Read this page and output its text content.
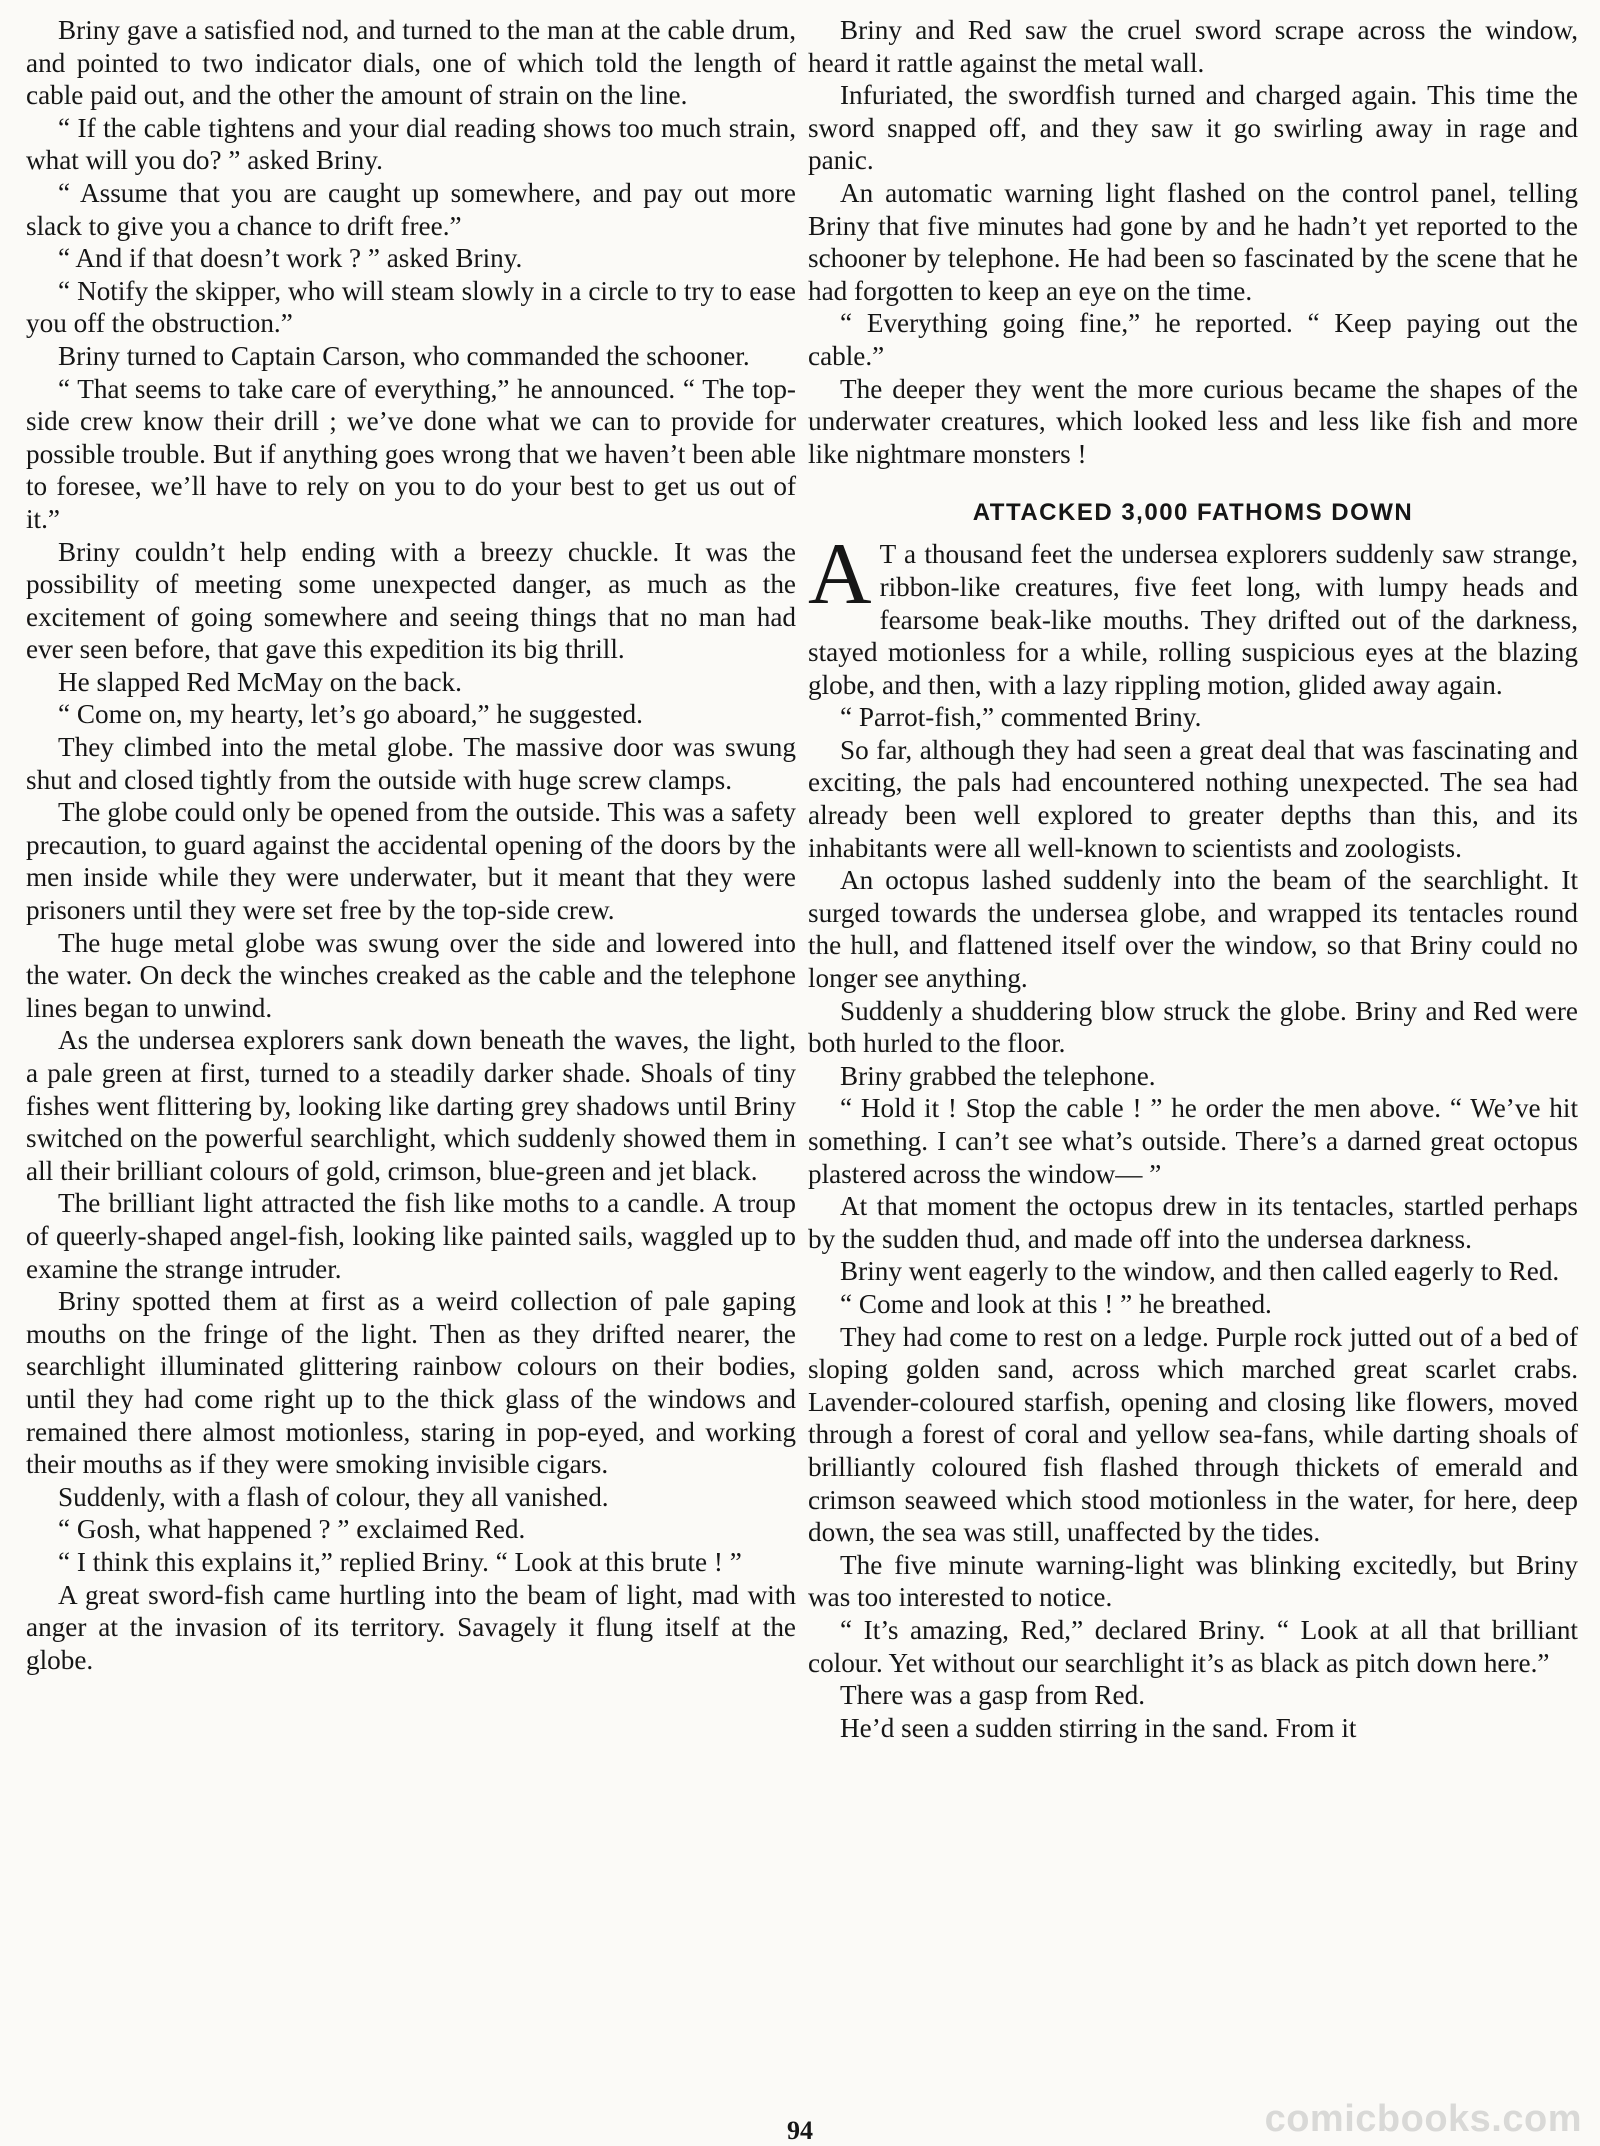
Briny gave a satisfied nod, and turned to the man at the cable drum, and pointed to two indicator dials, one of which told the length of cable paid out, and the other the amount of strain on the line.

“ If the cable tightens and your dial reading shows too much strain, what will you do? ” asked Briny.

“ Assume that you are caught up somewhere, and pay out more slack to give you a chance to drift free.”

“ And if that doesn’t work ? ” asked Briny.

“ Notify the skipper, who will steam slowly in a circle to try to ease you off the obstruction.”

Briny turned to Captain Carson, who commanded the schooner.

“ That seems to take care of everything,” he announced. “ The top-side crew know their drill ; we’ve done what we can to provide for possible trouble. But if anything goes wrong that we haven’t been able to foresee, we’ll have to rely on you to do your best to get us out of it.”

Briny couldn’t help ending with a breezy chuckle. It was the possibility of meeting some unexpected danger, as much as the excitement of going somewhere and seeing things that no man had ever seen before, that gave this expedition its big thrill.

He slapped Red McMay on the back.

“ Come on, my hearty, let’s go aboard,” he suggested.

They climbed into the metal globe. The massive door was swung shut and closed tightly from the outside with huge screw clamps.

The globe could only be opened from the outside. This was a safety precaution, to guard against the accidental opening of the doors by the men inside while they were underwater, but it meant that they were prisoners until they were set free by the top-side crew.

The huge metal globe was swung over the side and lowered into the water. On deck the winches creaked as the cable and the telephone lines began to unwind.

As the undersea explorers sank down beneath the waves, the light, a pale green at first, turned to a steadily darker shade. Shoals of tiny fishes went flittering by, looking like darting grey shadows until Briny switched on the powerful searchlight, which suddenly showed them in all their brilliant colours of gold, crimson, blue-green and jet black.

The brilliant light attracted the fish like moths to a candle. A troup of queerly-shaped angel-fish, looking like painted sails, waggled up to examine the strange intruder.

Briny spotted them at first as a weird collection of pale gaping mouths on the fringe of the light. Then as they drifted nearer, the searchlight illuminated glittering rainbow colours on their bodies, until they had come right up to the thick glass of the windows and remained there almost motionless, staring in pop-eyed, and working their mouths as if they were smoking invisible cigars.

Suddenly, with a flash of colour, they all vanished.

“ Gosh, what happened ? ” exclaimed Red.

“ I think this explains it,” replied Briny. “ Look at this brute ! ”

A great sword-fish came hurtling into the beam of light, mad with anger at the invasion of its territory. Savagely it flung itself at the globe.

Briny and Red saw the cruel sword scrape across the window, heard it rattle against the metal wall.

Infuriated, the swordfish turned and charged again. This time the sword snapped off, and they saw it go swirling away in rage and panic.

An automatic warning light flashed on the control panel, telling Briny that five minutes had gone by and he hadn’t yet reported to the schooner by telephone. He had been so fascinated by the scene that he had forgotten to keep an eye on the time.

“ Everything going fine,” he reported. “ Keep paying out the cable.”

The deeper they went the more curious became the shapes of the underwater creatures, which looked less and less like fish and more like nightmare monsters !

ATTACKED 3,000 FATHOMS DOWN

A T a thousand feet the undersea explorers suddenly saw strange, ribbon-like creatures, five feet long, with lumpy heads and fearsome beak-like mouths. They drifted out of the darkness, stayed motionless for a while, rolling suspicious eyes at the blazing globe, and then, with a lazy rippling motion, glided away again.

“ Parrot-fish,” commented Briny.

So far, although they had seen a great deal that was fascinating and exciting, the pals had encountered nothing unexpected. The sea had already been well explored to greater depths than this, and its inhabitants were all well-known to scientists and zoologists.

An octopus lashed suddenly into the beam of the searchlight. It surged towards the undersea globe, and wrapped its tentacles round the hull, and flattened itself over the window, so that Briny could no longer see anything.

Suddenly a shuddering blow struck the globe. Briny and Red were both hurled to the floor.

Briny grabbed the telephone.

“ Hold it ! Stop the cable ! ” he order the men above. “ We’ve hit something. I can’t see what’s outside. There’s a darned great octopus plastered across the window— ”

At that moment the octopus drew in its tentacles, startled perhaps by the sudden thud, and made off into the undersea darkness.

Briny went eagerly to the window, and then called eagerly to Red.

“ Come and look at this ! ” he breathed.

They had come to rest on a ledge. Purple rock jutted out of a bed of sloping golden sand, across which marched great scarlet crabs. Lavender-coloured starfish, opening and closing like flowers, moved through a forest of coral and yellow sea-fans, while darting shoals of brilliantly coloured fish flashed through thickets of emerald and crimson seaweed which stood motionless in the water, for here, deep down, the sea was still, unaffected by the tides.

The five minute warning-light was blinking excitedly, but Briny was too interested to notice.

“ It’s amazing, Red,” declared Briny. “ Look at all that brilliant colour. Yet without our searchlight it’s as black as pitch down here.”

There was a gasp from Red.

He’d seen a sudden stirring in the sand. From it

94	comicbooks.com
